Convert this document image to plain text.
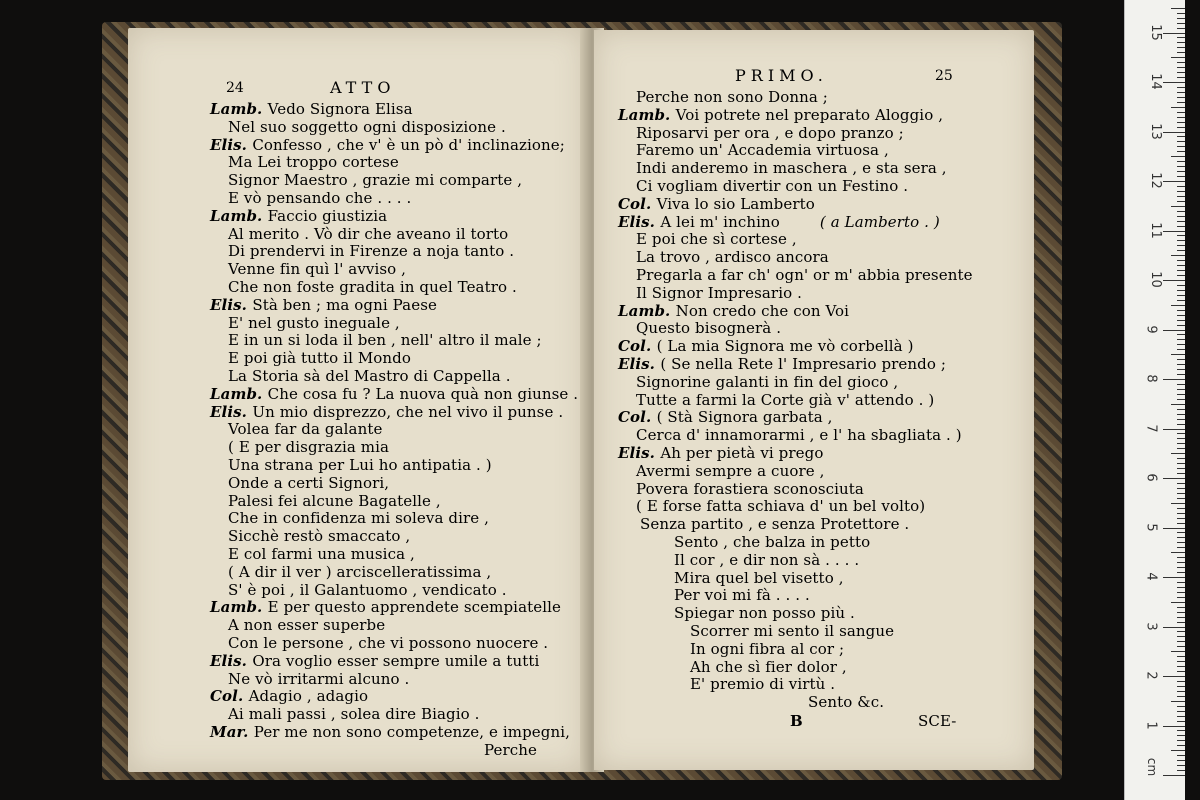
24	ATTO
Lamb. Vedo Signora Elisa
Nel suo soggetto ogni disposizione .
Elis. Confesso , che v' è un pò d' inclinazione;
Ma Lei troppo cortese
Signor Maestro , grazie mi comparte ,
E vò pensando che . . . .
Lamb. Faccio giustizia
Al merito . Vò dir che aveano il torto
Di prendervi in Firenze a noja tanto .
Venne fin quì l' avviso ,
Che non foste gradita in quel Teatro .
Elis. Stà ben ; ma ogni Paese
E' nel gusto ineguale ,
E in un si loda il ben , nell' altro il male ;
E poi già tutto il Mondo
La Storia sà del Mastro di Cappella .
Lamb. Che cosa fu ? La nuova quà non giunse .
Elis. Un mio disprezzo, che nel vivo il punse .
Volea far da galante
( E per disgrazia mia
Una strana per Lui ho antipatia . )
Onde a certi Signori,
Palesi fei alcune Bagatelle ,
Che in confidenza mi soleva dire ,
Sicchè restò smaccato ,
E col farmi una musica ,
( A dir il ver ) arciscelleratissima ,
S' è poi , il Galantuomo , vendicato .
Lamb. E per questo apprendete scempiatelle
A non esser superbe
Con le persone , che vi possono nuocere .
Elis. Ora voglio esser sempre umile a tutti
Ne vò irritarmi alcuno .
Col. Adagio , adagio
Ai mali passi , solea dire Biagio .
Mar. Per me non sono competenze, e impegni,
Perche
PRIMO.	25
Perche non sono Donna ;
Lamb. Voi potrete nel preparato Aloggio ,
Riposarvi per ora , e dopo pranzo ;
Faremo un' Accademia virtuosa ,
Indi anderemo in maschera , e sta sera ,
Ci vogliam divertir con un Festino .
Col. Viva lo sio Lamberto
Elis. A lei m' inchino	( a Lamberto . )
E poi che sì cortese ,
La trovo , ardisco ancora
Pregarla a far ch' ogn' or m' abbia presente
Il Signor Impresario .
Lamb. Non credo che con Voi
Questo bisognerà .
Col. ( La mia Signora me vò corbellà )
Elis. ( Se nella Rete l' Impresario prendo ;
Signorine galanti in fin del gioco ,
Tutte a farmi la Corte già v' attendo . )
Col. ( Stà Signora garbata ,
Cerca d' innamorarmi , e l' ha sbagliata . )
Elis. Ah per pietà vi prego
Avermi sempre a cuore ,
Povera forastiera sconosciuta
( E forse fatta schiava d' un bel volto)
Senza partito , e senza Protettore .
Sento , che balza in petto
Il cor , e dir non sà . . . .
Mira quel bel visetto ,
Per voi mi fà . . . .
Spiegar non posso più .
Scorrer mi sento il sangue
In ogni fibra al cor ;
Ah che sì fier dolor ,
E' premio di virtù .
Sento &c.
B	SCE-	1
2
3
4
5
6
7
8
9
10
11
12
13
14
15
cm
